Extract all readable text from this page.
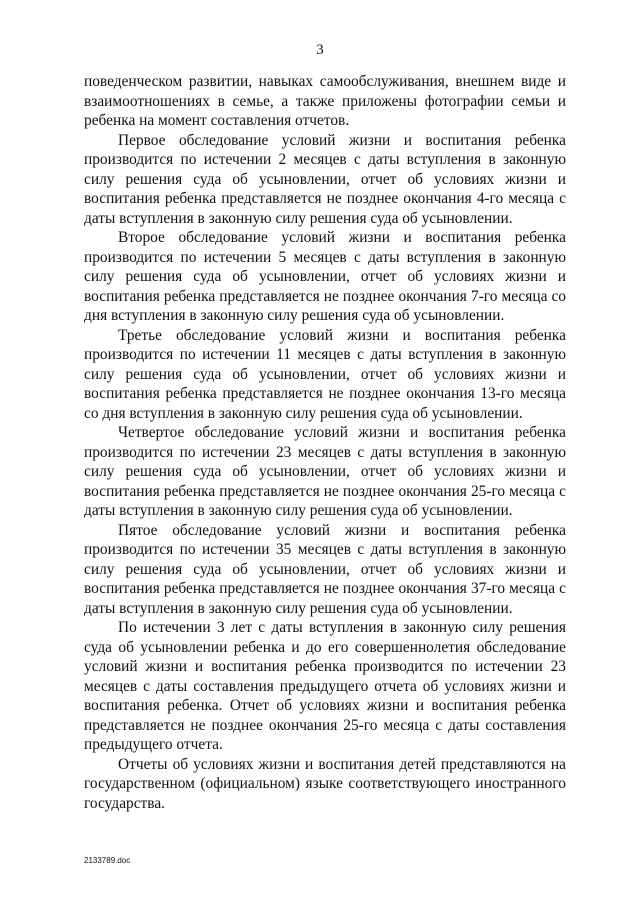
3

поведенческом развитии, навыках самообслуживания, внешнем виде и взаимоотношениях в семье, а также приложены фотографии семьи и ребенка на момент составления отчетов.

Первое обследование условий жизни и воспитания ребенка производится по истечении 2 месяцев с даты вступления в законную силу решения суда об усыновлении, отчет об условиях жизни и воспитания ребенка представляется не позднее окончания 4-го месяца с даты вступления в законную силу решения суда об усыновлении.

Второе обследование условий жизни и воспитания ребенка производится по истечении 5 месяцев с даты вступления в законную силу решения суда об усыновлении, отчет об условиях жизни и воспитания ребенка представляется не позднее окончания 7-го месяца со дня вступления в законную силу решения суда об усыновлении.

Третье обследование условий жизни и воспитания ребенка производится по истечении 11 месяцев с даты вступления в законную силу решения суда об усыновлении, отчет об условиях жизни и воспитания ребенка представляется не позднее окончания 13-го месяца со дня вступления в законную силу решения суда об усыновлении.

Четвертое обследование условий жизни и воспитания ребенка производится по истечении 23 месяцев с даты вступления в законную силу решения суда об усыновлении, отчет об условиях жизни и воспитания ребенка представляется не позднее окончания 25-го месяца с даты вступления в законную силу решения суда об усыновлении.

Пятое обследование условий жизни и воспитания ребенка производится по истечении 35 месяцев с даты вступления в законную силу решения суда об усыновлении, отчет об условиях жизни и воспитания ребенка представляется не позднее окончания 37-го месяца с даты вступления в законную силу решения суда об усыновлении.

По истечении 3 лет с даты вступления в законную силу решения суда об усыновлении ребенка и до его совершеннолетия обследование условий жизни и воспитания ребенка производится по истечении 23 месяцев с даты составления предыдущего отчета об условиях жизни и воспитания ребенка. Отчет об условиях жизни и воспитания ребенка представляется не позднее окончания 25-го месяца с даты составления предыдущего отчета.

Отчеты об условиях жизни и воспитания детей представляются на государственном (официальном) языке соответствующего иностранного государства.

2133789.doc
